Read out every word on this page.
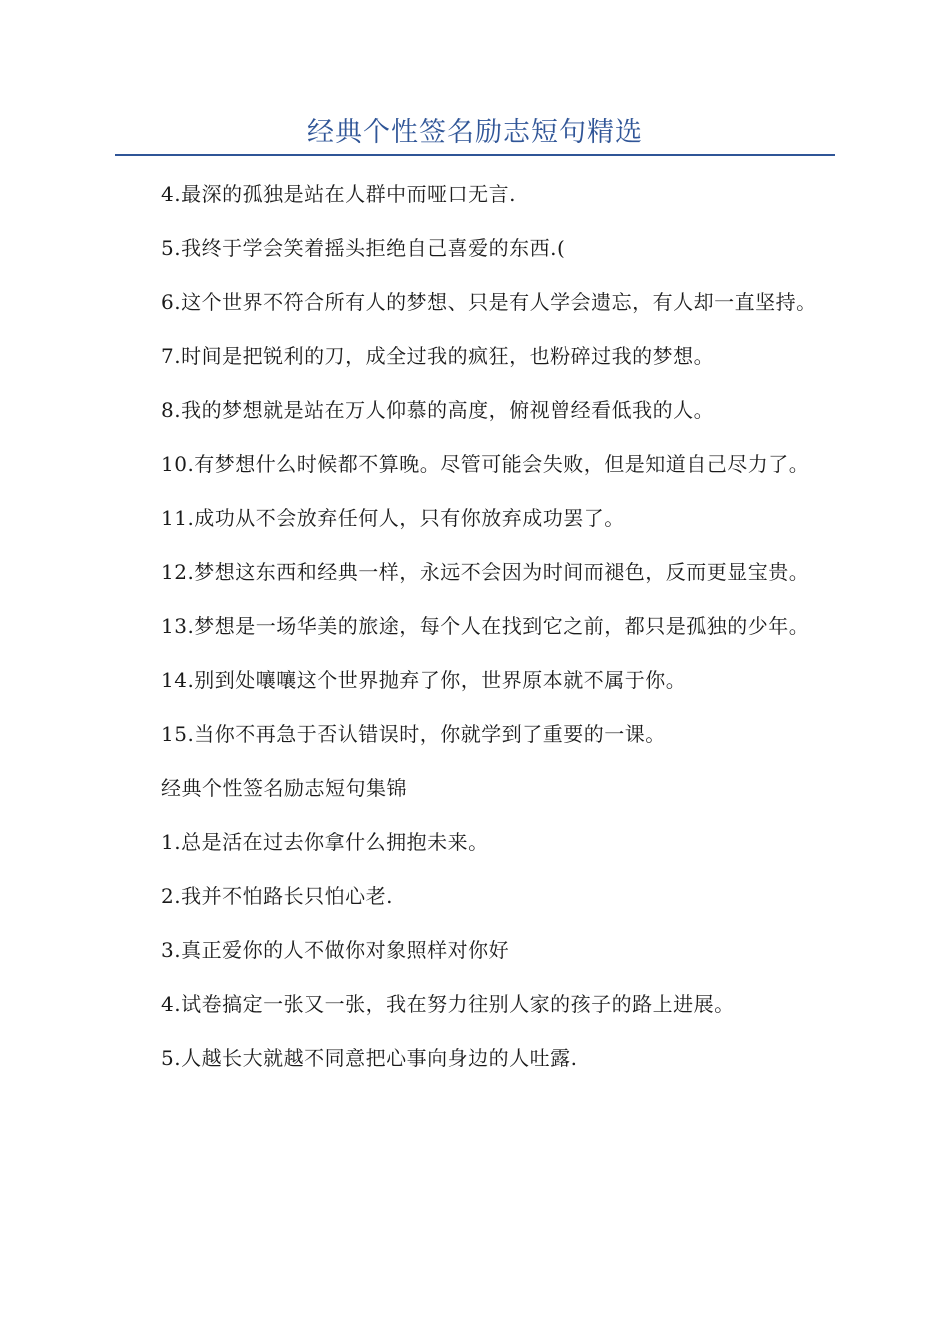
经典个性签名励志短句精选

4.最深的孤独是站在人群中而哑口无言.

5.我终于学会笑着摇头拒绝自己喜爱的东西.(

6.这个世界不符合所有人的梦想、只是有人学会遗忘，有人却一直坚持。

7.时间是把锐利的刀，成全过我的疯狂，也粉碎过我的梦想。

8.我的梦想就是站在万人仰慕的高度，俯视曾经看低我的人。

10.有梦想什么时候都不算晚。尽管可能会失败，但是知道自己尽力了。

11.成功从不会放弃任何人，只有你放弃成功罢了。

12.梦想这东西和经典一样，永远不会因为时间而褪色，反而更显宝贵。

13.梦想是一场华美的旅途，每个人在找到它之前，都只是孤独的少年。

14.别到处嚷嚷这个世界抛弃了你，世界原本就不属于你。

15.当你不再急于否认错误时，你就学到了重要的一课。

经典个性签名励志短句集锦

1.总是活在过去你拿什么拥抱未来。

2.我并不怕路长只怕心老.

3.真正爱你的人不做你对象照样对你好

4.试卷搞定一张又一张，我在努力往别人家的孩子的路上进展。

5.人越长大就越不同意把心事向身边的人吐露.
